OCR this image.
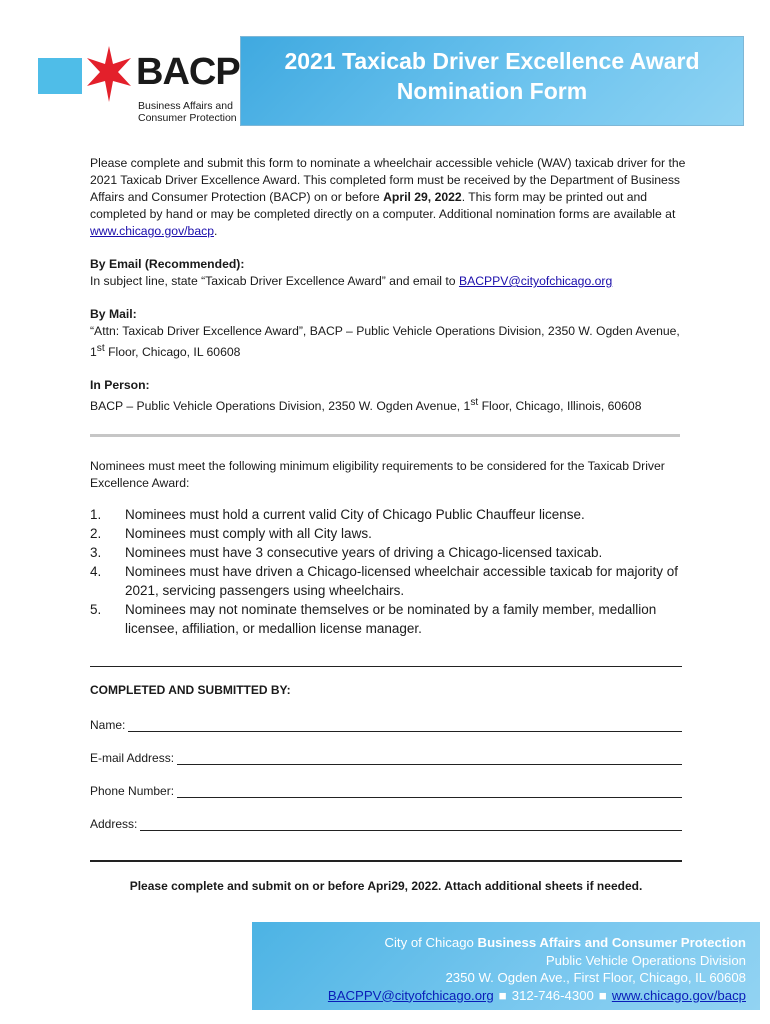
BACP
Business Affairs and
Consumer Protection
2021 Taxicab Driver Excellence Award
Nomination Form

Please complete and submit this form to nominate a wheelchair accessible vehicle (WAV) taxicab driver for the 2021 Taxicab Driver Excellence Award. This completed form must be received by the Department of Business Affairs and Consumer Protection (BACP) on or before April 29, 2022. This form may be printed out and completed by hand or may be completed directly on a computer. Additional nomination forms are available at www.chicago.gov/bacp.

By Email (Recommended):
In subject line, state “Taxicab Driver Excellence Award” and email to BACPPV@cityofchicago.org

By Mail:
“Attn: Taxicab Driver Excellence Award”, BACP – Public Vehicle Operations Division, 2350 W. Ogden Avenue, 1st Floor, Chicago, IL 60608

In Person:
BACP – Public Vehicle Operations Division, 2350 W. Ogden Avenue, 1st Floor, Chicago, Illinois, 60608

Nominees must meet the following minimum eligibility requirements to be considered for the Taxicab Driver Excellence Award:
1.	Nominees must hold a current valid City of Chicago Public Chauffeur license.
2.	Nominees must comply with all City laws.
3.	Nominees must have 3 consecutive years of driving a Chicago-licensed taxicab.
4.	Nominees must have driven a Chicago-licensed wheelchair accessible taxicab for majority of 2021, servicing passengers using wheelchairs.
5.	Nominees may not nominate themselves or be nominated by a family member, medallion licensee, affiliation, or medallion license manager.
COMPLETED AND SUBMITTED BY:
Name:
E-mail Address:
Phone Number:
Address:
Please complete and submit on or before Apri29, 2022. Attach additional sheets if needed.
City of Chicago Business Affairs and Consumer Protection
Public Vehicle Operations Division
2350 W. Ogden Ave., First Floor, Chicago, IL 60608
BACPPV@cityofchicago.org ■ 312-746-4300 ■ www.chicago.gov/bacp
